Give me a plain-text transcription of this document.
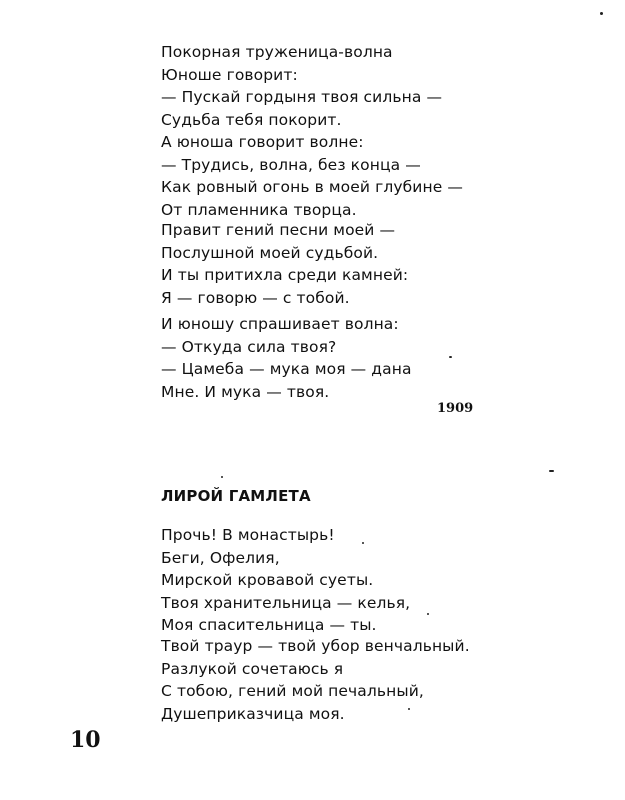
Покорная труженица-волна
Юноше говорит:
— Пускай гордыня твоя сильна —
Судьба тебя покорит.
А юноша говорит волне:
— Трудись, волна, без конца —
Как ровный огонь в моей глубине —
От пламенника творца.
Правит гений песни моей —
Послушной моей судьбой.
И ты притихла среди камней:
Я — говорю — с тобой.
И юношу спрашивает волна:
— Откуда сила твоя?
— Цамеба — мука моя — дана
Мне. И мука — твоя.
1909
ЛИРОЙ ГАМЛЕТА
Прочь! В монастырь!
Беги, Офелия,
Мирской кровавой суеты.
Твоя хранительница — келья,
Моя спасительница — ты.
Твой траур — твой убор венчальный.
Разлукой сочетаюсь я
С тобою, гений мой печальный,
Душеприказчица моя.
10
